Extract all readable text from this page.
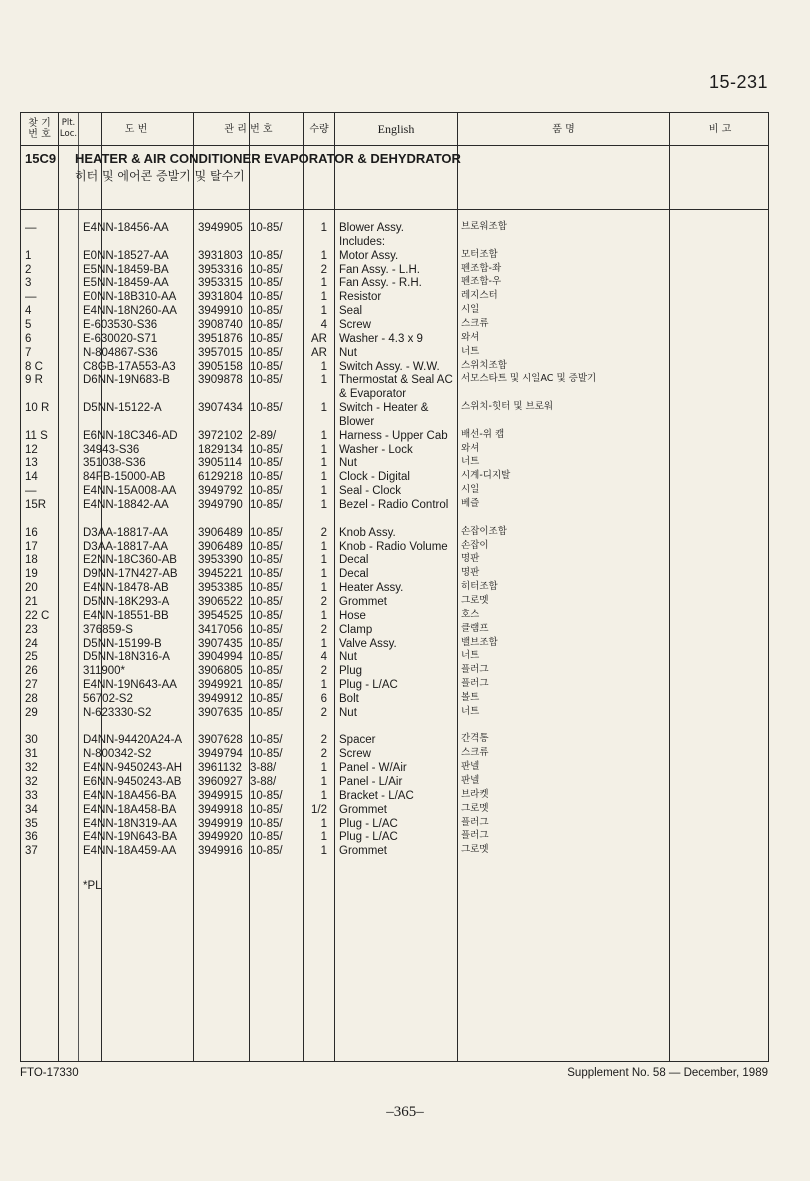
15-231
찾 기
번 호
Plt.
Loc.	도 번	관 리 번 호	수량	English	품 명	비 고
15C9 HEATER & AIR CONDITIONER EVAPORATOR & DEHYDRATOR
히터 및 에어콘 증발기 및 탈수기
—	E4NN-18456-AA	3949905 10-85/	1 Blower Assy.	브로워조합
Includes:
1	E0NN-18527-AA	3931803 10-85/	1 Motor Assy.	모터조합
2	E5NN-18459-BA	3953316 10-85/	2 Fan Assy. - L.H.	펜조합-좌
3	E5NN-18459-AA	3953315 10-85/	1 Fan Assy. - R.H.	펜조합-우
—	E0NN-18B310-AA 3931804 10-85/	1 Resistor	레지스터
4	E4NN-18N260-AA 3949910 10-85/	1 Seal	시일
5	E-603530-S36	3908740 10-85/	4 Screw	스크류
6	E-630020-S71	3951876 10-85/ AR Washer - 4.3 x 9	와셔
7	N-804867-S36	3957015 10-85/ AR Nut	너트
8 C	C8GB-17A553-A3 3905158 10-85/	1 Switch Assy. - W.W. 스위치조합
9 R	D6NN-19N683-B 3909878 10-85/	1 Thermostat & Seal AC 서모스타트 및 시일AC 및 증발기
& Evaporator
10 R	D5NN-15122-A	3907434 10-85/	1 Switch - Heater &	스위치-힛터 및 브로워
Blower
11 S	E6NN-18C346-AD 3972102 2-89/	1 Harness - Upper Cab 배선-위 캡
12	34943-S36	1829134 10-85/	1 Washer - Lock	와셔
13	351038-S36	3905114 10-85/	1 Nut	너트
14	84FB-15000-AB	6129218 10-85/	1 Clock - Digital	시계-디지탈
—	E4NN-15A008-AA 3949792 10-85/	1 Seal - Clock	시일
15R	E4NN-18842-AA	3949790 10-85/	1 Bezel - Radio Control 베즐
16	D3AA-18817-AA	3906489 10-85/	2 Knob Assy.	손잡이조합
17	D3AA-18817-AA	3906489 10-85/	1 Knob - Radio Volume 손잡이
18	E2NN-18C360-AB 3953390 10-85/	1 Decal	명판
19	D9NN-17N427-AB 3945221 10-85/	1 Decal	명판
20	E4NN-18478-AB	3953385 10-85/	1 Heater Assy.	히터조합
21	D5NN-18K293-A 3906522 10-85/	2 Grommet	그로멧
22 C	E4NN-18551-BB	3954525 10-85/	1 Hose	호스
23	376859-S	3417056 10-85/	2 Clamp	클램프
24	D5NN-15199-B	3907435 10-85/	1 Valve Assy.	밸브조합
25	D5NN-18N316-A 3904994 10-85/	4 Nut	너트
26	311900*	3906805 10-85/	2 Plug	플러그
27	E4NN-19N643-AA 3949921 10-85/	1 Plug - L/AC	플러그
28	56702-S2	3949912 10-85/	6 Bolt	볼트
29	N-623330-S2	3907635 10-85/	2 Nut	너트
30	D4NN-94420A24-A 3907628 10-85/	2 Spacer	간격통
31	N-800342-S2	3949794 10-85/	2 Screw	스크류
32	E4NN-9450243-AH 3961132 3-88/	1 Panel - W/Air	판넬
32	E6NN-9450243-AB 3960927 3-88/	1 Panel - L/Air	판넬
33	E4NN-18A456-BA 3949915 10-85/	1 Bracket - L/AC	브라켓
34	E4NN-18A458-BA 3949918 10-85/ 1/2 Grommet	그로멧
35	E4NN-18N319-AA 3949919 10-85/	1 Plug - L/AC	플러그
36	E4NN-19N643-BA 3949920 10-85/	1 Plug - L/AC	플러그
37	E4NN-18A459-AA 3949916 10-85/	1 Grommet	그로멧
*PL
FTO-17330	Supplement No. 58 — December, 1989
–365–
